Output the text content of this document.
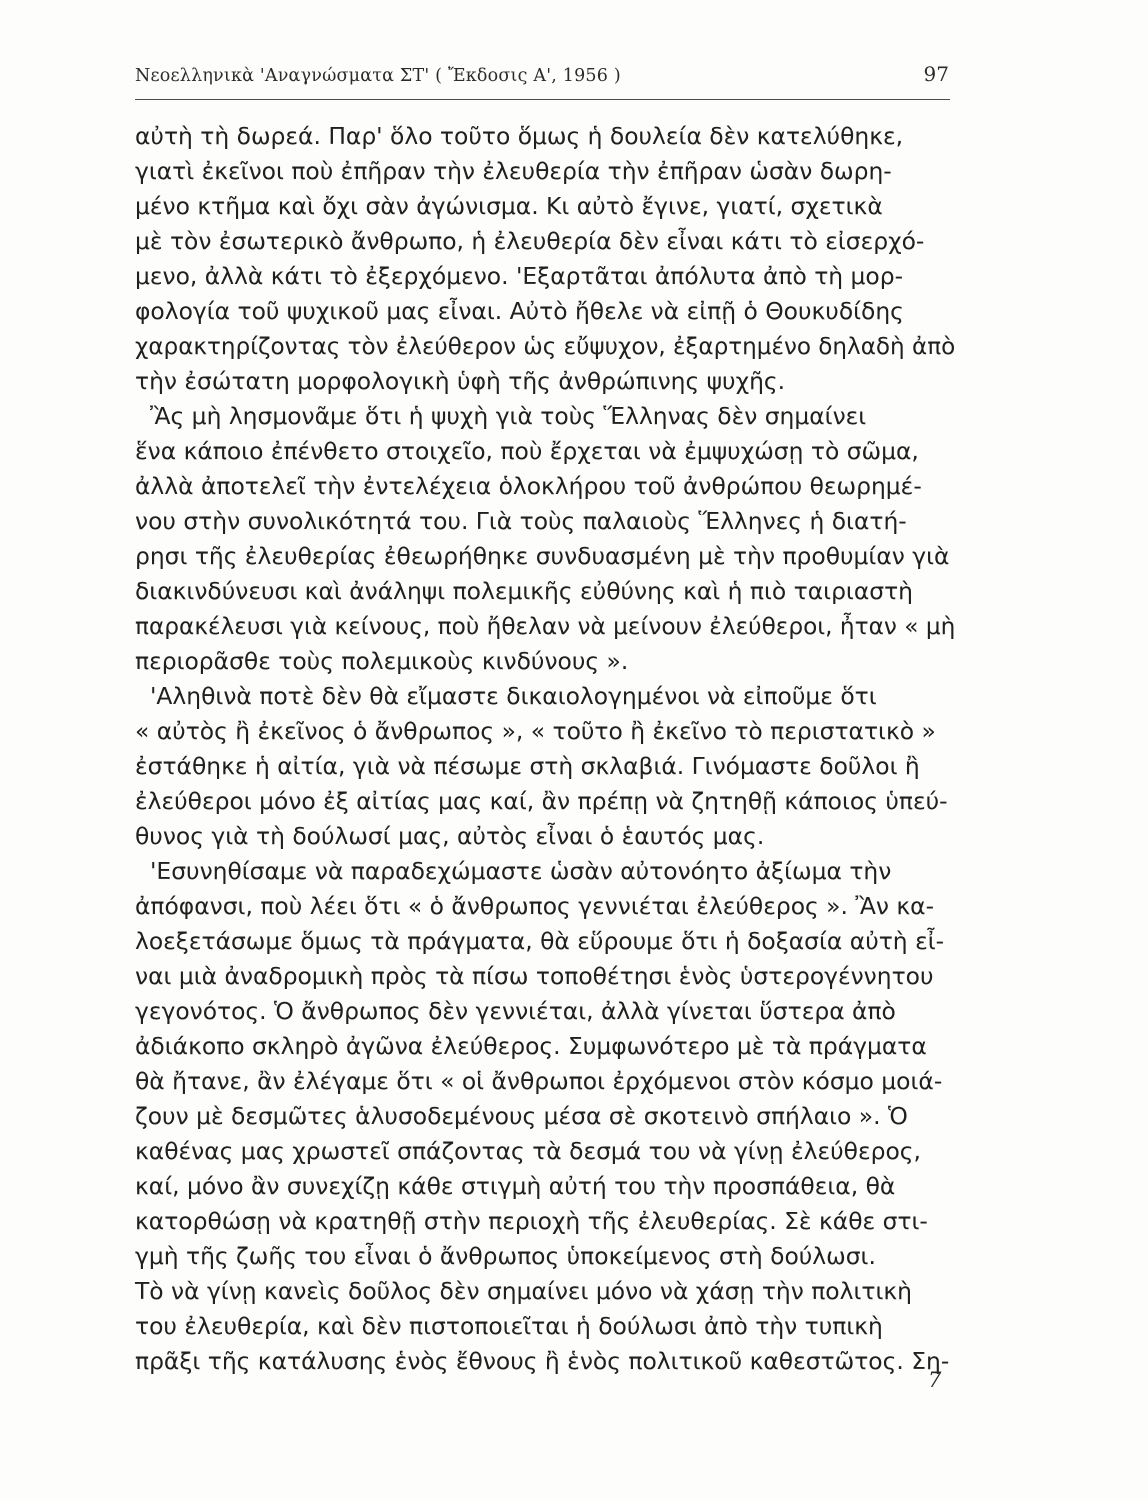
Νεοελληνικὰ 'Αναγνώσματα ΣΤ' ( Ἔκδοσις Α', 1956 )	97
αὐτὴ τὴ δωρεά. Παρ' ὅλο τοῦτο ὅμως ἡ δουλεία δὲν κατελύθηκε,
γιατὶ ἐκεῖνοι ποὺ ἐπῆραν τὴν ἐλευθερία τὴν ἐπῆραν ὡσὰν δωρη-
μένο κτῆμα καὶ ὄχι σὰν ἀγώνισμα. Κι αὐτὸ ἔγινε, γιατί, σχετικὰ
μὲ τὸν ἐσωτερικὸ ἄνθρωπο, ἡ ἐλευθερία δὲν εἶναι κάτι τὸ εἰσερχό-
μενο, ἀλλὰ κάτι τὸ ἐξερχόμενο. 'Εξαρτᾶται ἀπόλυτα ἀπὸ τὴ μορ-
φολογία τοῦ ψυχικοῦ μας εἶναι. Αὐτὸ ἤθελε νὰ εἰπῇ ὁ Θουκυδίδης
χαρακτηρίζοντας τὸν ἐλεύθερον ὡς εὔψυχον, ἐξαρτημένο δηλαδὴ ἀπὸ
τὴν ἐσώτατη μορφολογικὴ ὑφὴ τῆς ἀνθρώπινης ψυχῆς.
Ἂς μὴ λησμονᾶμε ὅτι ἡ ψυχὴ γιὰ τοὺς Ἕλληνας δὲν σημαίνει
ἕνα κάποιο ἐπένθετο στοιχεῖο, ποὺ ἔρχεται νὰ ἐμψυχώσῃ τὸ σῶμα,
ἀλλὰ ἀποτελεῖ τὴν ἐντελέχεια ὁλοκλήρου τοῦ ἀνθρώπου θεωρημέ-
νου στὴν συνολικότητά του. Γιὰ τοὺς παλαιοὺς Ἕλληνες ἡ διατή-
ρησι τῆς ἐλευθερίας ἐθεωρήθηκε συνδυασμένη μὲ τὴν προθυμίαν γιὰ
διακινδύνευσι καὶ ἀνάληψι πολεμικῆς εὐθύνης καὶ ἡ πιὸ ταιριαστὴ
παρακέλευσι γιὰ κείνους, ποὺ ἤθελαν νὰ μείνουν ἐλεύθεροι, ἦταν « μὴ
περιορᾶσθε τοὺς πολεμικοὺς κινδύνους ».
'Αληθινὰ ποτὲ δὲν θὰ εἴμαστε δικαιολογημένοι νὰ εἰποῦμε ὅτι
« αὐτὸς ἢ ἐκεῖνος ὁ ἄνθρωπος », « τοῦτο ἢ ἐκεῖνο τὸ περιστατικὸ »
ἐστάθηκε ἡ αἰτία, γιὰ νὰ πέσωμε στὴ σκλαβιά. Γινόμαστε δοῦλοι ἢ
ἐλεύθεροι μόνο ἐξ αἰτίας μας καί, ἂν πρέπῃ νὰ ζητηθῇ κάποιος ὑπεύ-
θυνος γιὰ τὴ δούλωσί μας, αὐτὸς εἶναι ὁ ἑαυτός μας.
'Εσυνηθίσαμε νὰ παραδεχώμαστε ὡσὰν αὐτονόητο ἀξίωμα τὴν
ἀπόφανσι, ποὺ λέει ὅτι « ὁ ἄνθρωπος γεννιέται ἐλεύθερος ». Ἂν κα-
λοεξετάσωμε ὅμως τὰ πράγματα, θὰ εὕρουμε ὅτι ἡ δοξασία αὐτὴ εἶ-
ναι μιὰ ἀναδρομικὴ πρὸς τὰ πίσω τοποθέτησι ἑνὸς ὑστερογέννητου
γεγονότος. Ὁ ἄνθρωπος δὲν γεννιέται, ἀλλὰ γίνεται ὕστερα ἀπὸ
ἀδιάκοπο σκληρὸ ἀγῶνα ἐλεύθερος. Συμφωνότερο μὲ τὰ πράγματα
θὰ ἤτανε, ἂν ἐλέγαμε ὅτι « οἱ ἄνθρωποι ἐρχόμενοι στὸν κόσμο μοιά-
ζουν μὲ δεσμῶτες ἁλυσοδεμένους μέσα σὲ σκοτεινὸ σπήλαιο ». Ὁ
καθένας μας χρωστεῖ σπάζοντας τὰ δεσμά του νὰ γίνῃ ἐλεύθερος,
καί, μόνο ἂν συνεχίζῃ κάθε στιγμὴ αὐτή του τὴν προσπάθεια, θὰ
κατορθώσῃ νὰ κρατηθῇ στὴν περιοχὴ τῆς ἐλευθερίας. Σὲ κάθε στι-
γμὴ τῆς ζωῆς του εἶναι ὁ ἄνθρωπος ὑποκείμενος στὴ δούλωσι.
Τὸ νὰ γίνῃ κανεὶς δοῦλος δὲν σημαίνει μόνο νὰ χάσῃ τὴν πολιτικὴ
του ἐλευθερία, καὶ δὲν πιστοποιεῖται ἡ δούλωσι ἀπὸ τὴν τυπικὴ
πρᾶξι τῆς κατάλυσης ἑνὸς ἔθνους ἢ ἑνὸς πολιτικοῦ καθεστῶτος. Ση-
7
